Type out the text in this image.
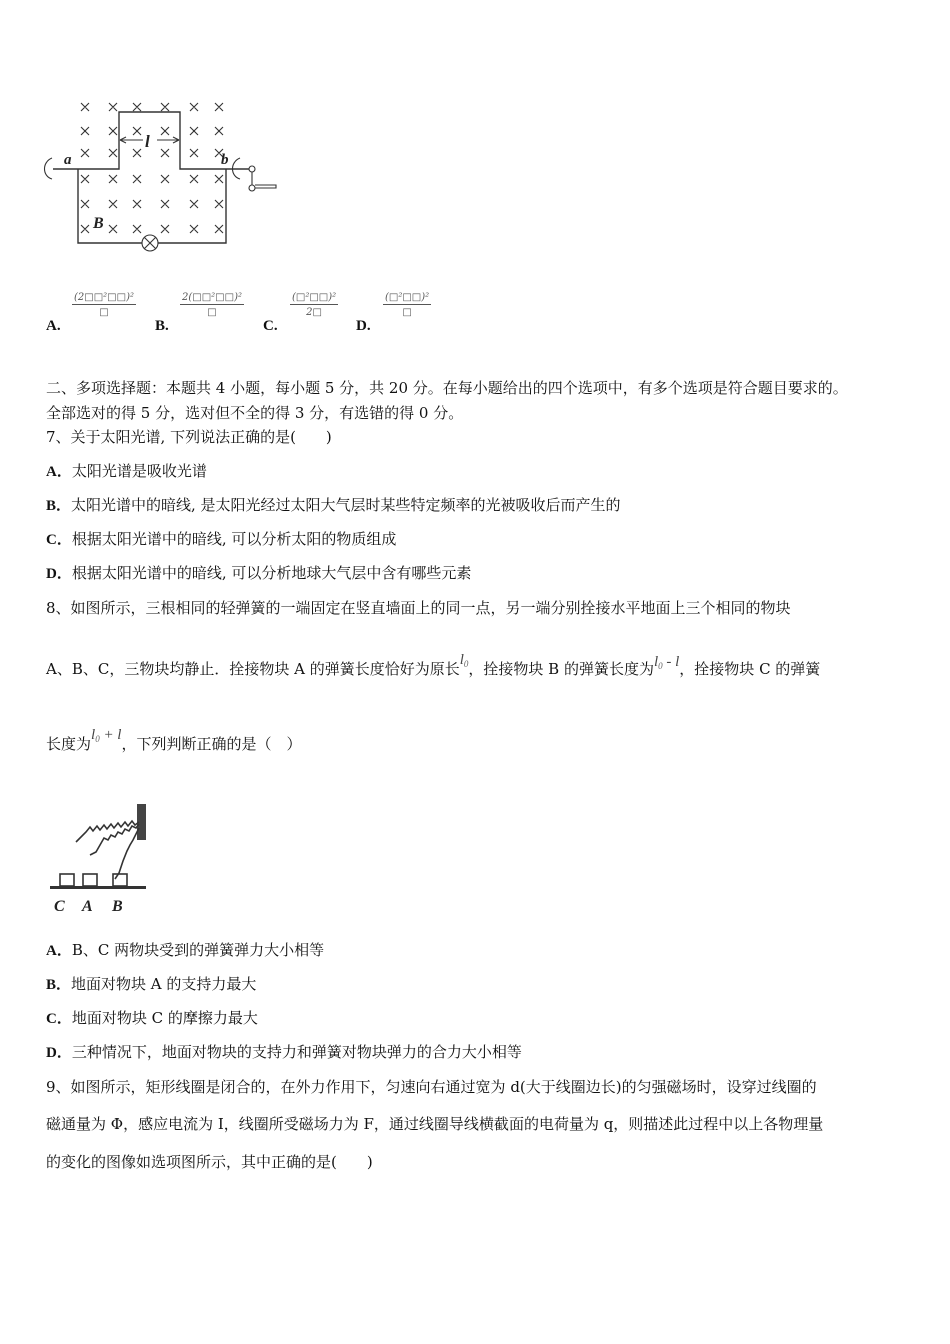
a	b
l
B
A.
(2□□²□□)²
□
B.
2(□□²□□)²
□
C.
(□²□□)²
2□
D.
(□²□□)²
□
二、多项选择题：本题共 4 小题，每小题 5 分，共 20 分。在每小题给出的四个选项中，有多个选项是符合题目要求的。
全部选对的得 5 分，选对但不全的得 3 分，有选错的得 0 分。
7、关于太阳光谱, 下列说法正确的是(　　)
A．太阳光谱是吸收光谱
B．太阳光谱中的暗线, 是太阳光经过太阳大气层时某些特定频率的光被吸收后而产生的
C．根据太阳光谱中的暗线, 可以分析太阳的物质组成
D．根据太阳光谱中的暗线, 可以分析地球大气层中含有哪些元素
8、如图所示，三根相同的轻弹簧的一端固定在竖直墙面上的同一点，另一端分别拴接水平地面上三个相同的物块
A、B、C，三物块均静止．拴接物块 A 的弹簧长度恰好为原长$l_0$，拴接物块 B 的弹簧长度为$l_0$ - l，拴接物块 C 的弹簧
长度为$l_0 + l$，下列判断正确的是（　）
C A B
A．B、C 两物块受到的弹簧弹力大小相等
B．地面对物块 A 的支持力最大
C．地面对物块 C 的摩擦力最大
D．三种情况下，地面对物块的支持力和弹簧对物块弹力的合力大小相等
9、如图所示，矩形线圈是闭合的，在外力作用下，匀速向右通过宽为 d(大于线圈边长)的匀强磁场时，设穿过线圈的
磁通量为 Φ，感应电流为 I，线圈所受磁场力为 F，通过线圈导线横截面的电荷量为 q，则描述此过程中以上各物理量
的变化的图像如选项图所示，其中正确的是(　　)
